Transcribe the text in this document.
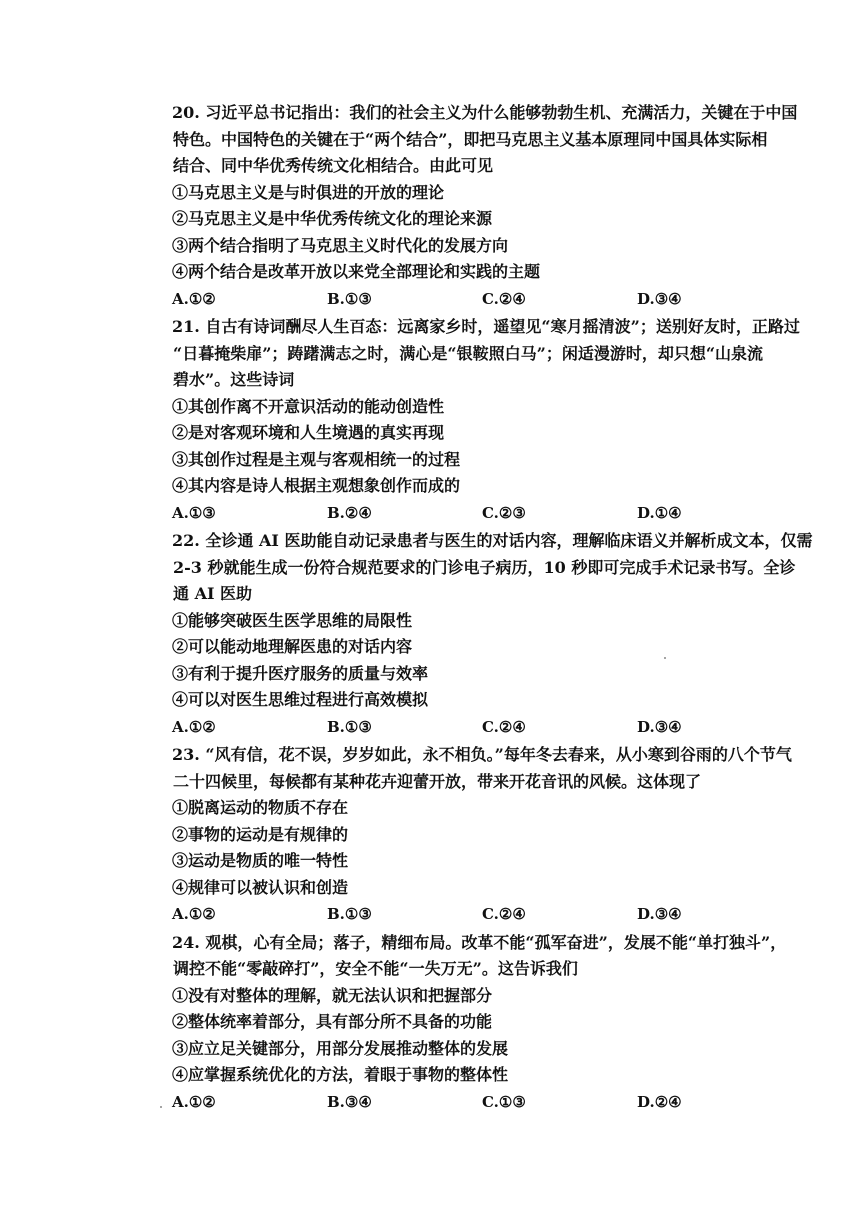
20. 习近平总书记指出：我们的社会主义为什么能够勃勃生机、充满活力，关键在于中国
特色。中国特色的关键在于“两个结合”，即把马克思主义基本原理同中国具体实际相
结合、同中华优秀传统文化相结合。由此可见

①马克思主义是与时俱进的开放的理论

②马克思主义是中华优秀传统文化的理论来源

③两个结合指明了马克思主义时代化的发展方向

④两个结合是改革开放以来党全部理论和实践的主题

A.①②	B.①③	C.②④	D.③④

21. 自古有诗词酬尽人生百态：远离家乡时，遥望见“寒月摇清波”；送别好友时，正路过
“日暮掩柴扉”；踌躇满志之时，满心是“银鞍照白马”；闲适漫游时，却只想“山泉流
碧水”。这些诗词

①其创作离不开意识活动的能动创造性

②是对客观环境和人生境遇的真实再现

③其创作过程是主观与客观相统一的过程

④其内容是诗人根据主观想象创作而成的

A.①③	B.②④	C.②③	D.①④

22. 全诊通 AI 医助能自动记录患者与医生的对话内容，理解临床语义并解析成文本，仅需
2-3 秒就能生成一份符合规范要求的门诊电子病历，10 秒即可完成手术记录书写。全诊
通 AI 医助

①能够突破医生医学思维的局限性

②可以能动地理解医患的对话内容

③有利于提升医疗服务的质量与效率

④可以对医生思维过程进行高效模拟

A.①②	B.①③	C.②④	D.③④

23. “风有信，花不误，岁岁如此，永不相负。”每年冬去春来，从小寒到谷雨的八个节气
二十四候里，每候都有某种花卉迎蕾开放，带来开花音讯的风候。这体现了

①脱离运动的物质不存在

②事物的运动是有规律的

③运动是物质的唯一特性

④规律可以被认识和创造

A.①②	B.①③	C.②④	D.③④

24. 观棋，心有全局；落子，精细布局。改革不能“孤军奋进”，发展不能“单打独斗”，
调控不能“零敲碎打”，安全不能“一失万无”。这告诉我们

①没有对整体的理解，就无法认识和把握部分

②整体统率着部分，具有部分所不具备的功能

③应立足关键部分，用部分发展推动整体的发展

④应掌握系统优化的方法，着眼于事物的整体性

A.①②	B.③④	C.①③	D.②④
